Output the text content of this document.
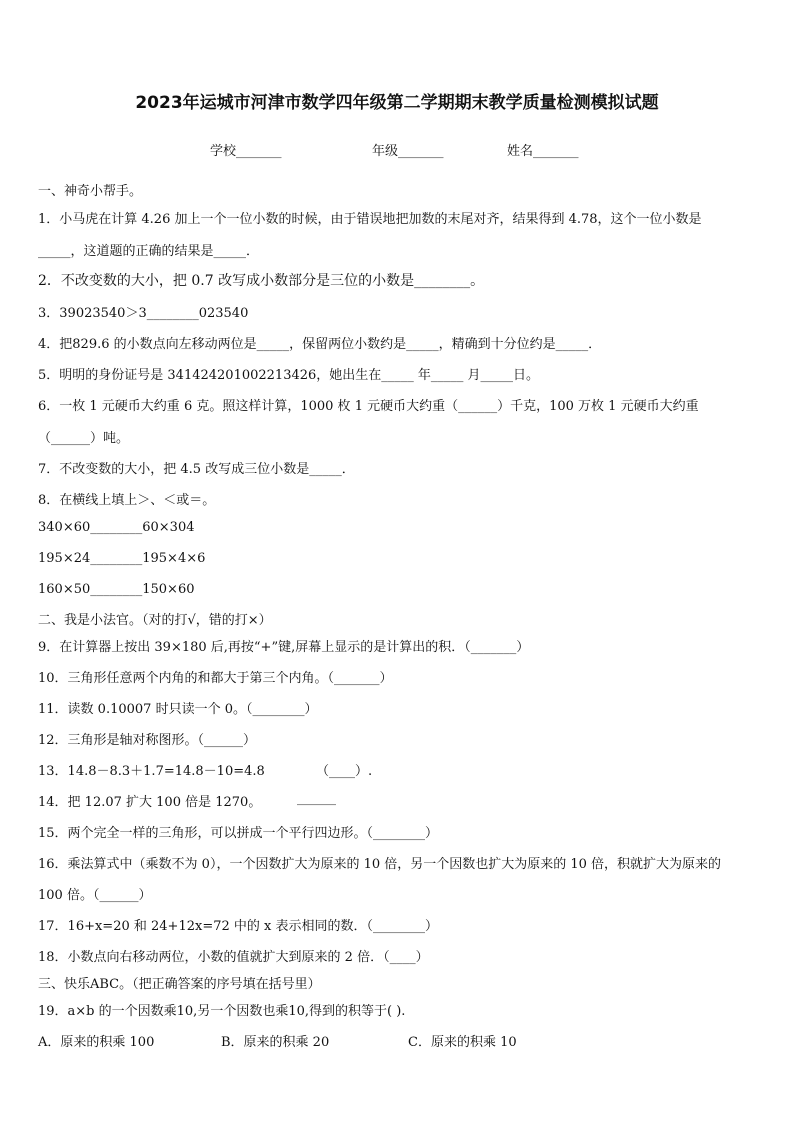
2023年运城市河津市数学四年级第二学期期末教学质量检测模拟试题
学校_______	年级_______	姓名_______
一、神奇小帮手。
1．小马虎在计算 4.26 加上一个一位小数的时候，由于错误地把加数的末尾对齐，结果得到 4.78，这个一位小数是
_____，这道题的正确的结果是_____．
2．不改变数的大小，把 0.7 改写成小数部分是三位的小数是________。
3．39023540＞3________023540
4．把829.6 的小数点向左移动两位是_____，保留两位小数约是_____，精确到十分位约是_____．
5．明明的身份证号是 341424201002213426，她出生在_____ 年_____ 月_____日。
6．一枚 1 元硬币大约重 6 克。照这样计算，1000 枚 1 元硬币大约重（______）千克，100 万枚 1 元硬币大约重
（______）吨。
7．不改变数的大小，把 4.5 改写成三位小数是_____．
8．在横线上填上＞、＜或＝。
340×60________60×304
195×24________195×4×6
160×50________150×60
二、我是小法官。（对的打√，错的打×）
9．在计算器上按出 39×180 后,再按“+”键,屏幕上显示的是计算出的积．（_______）
10．三角形任意两个内角的和都大于第三个内角。（_______）
11．读数 0.10007 时只读一个 0。（________）
12．三角形是轴对称图形。（______）
13．14.8－8.3＋1.7=14.8－10=4.8	（____）.
14．把 12.07 扩大 100 倍是 1270。	______
15．两个完全一样的三角形，可以拼成一个平行四边形。（________）
16．乘法算式中（乘数不为 0），一个因数扩大为原来的 10 倍，另一个因数也扩大为原来的 10 倍，积就扩大为原来的
100 倍。（______）
17．16+x=20 和 24+12x=72 中的 x 表示相同的数．（________）
18．小数点向右移动两位，小数的值就扩大到原来的 2 倍．（____）
三、快乐ABC。（把正确答案的序号填在括号里）
19．a×b 的一个因数乘10,另一个因数也乘10,得到的积等于( ).
A．原来的积乘 100	B．原来的积乘 20	C．原来的积乘 10
